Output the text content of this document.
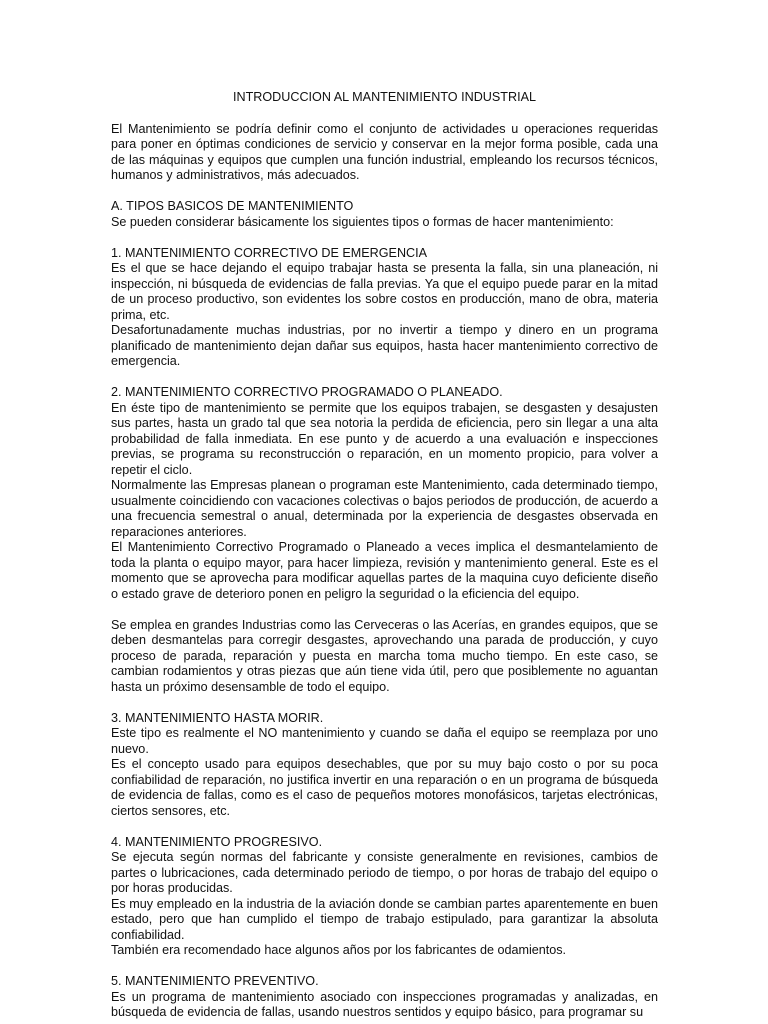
INTRODUCCION AL MANTENIMIENTO INDUSTRIAL

El Mantenimiento se podría definir como el conjunto de actividades u operaciones requeridas para poner en óptimas condiciones de servicio y conservar en la mejor forma posible, cada una de las máquinas y equipos que cumplen una función industrial, empleando los recursos técnicos, humanos y administrativos, más adecuados.

A. TIPOS BASICOS DE MANTENIMIENTO

Se pueden considerar básicamente los siguientes tipos o formas de hacer mantenimiento:

1. MANTENIMIENTO CORRECTIVO DE EMERGENCIA

Es el que se hace dejando el equipo trabajar hasta se presenta la falla, sin una planeación, ni inspección, ni búsqueda de evidencias de falla previas. Ya que el equipo puede parar en la mitad de un proceso productivo, son evidentes los sobre costos en producción, mano de obra, materia prima, etc.

Desafortunadamente muchas industrias, por no invertir a tiempo y dinero en un programa planificado de mantenimiento dejan dañar sus equipos, hasta hacer mantenimiento correctivo de emergencia.

2. MANTENIMIENTO CORRECTIVO PROGRAMADO O PLANEADO.

En éste tipo de mantenimiento se permite que los equipos trabajen, se desgasten y desajusten sus partes, hasta un grado tal que sea notoria la perdida de eficiencia, pero sin llegar a una alta probabilidad de falla inmediata. En ese punto y de acuerdo a una evaluación e inspecciones previas, se programa su reconstrucción o reparación, en un momento propicio, para volver a repetir el ciclo.

Normalmente las Empresas planean o programan este Mantenimiento, cada determinado tiempo, usualmente coincidiendo con vacaciones colectivas o bajos periodos de producción, de acuerdo a una frecuencia semestral o anual, determinada por la experiencia de desgastes observada en reparaciones anteriores.

El Mantenimiento Correctivo Programado o Planeado a veces implica el desmantelamiento de toda la planta o equipo mayor, para hacer limpieza, revisión y mantenimiento general. Este es el momento que se aprovecha para modificar aquellas partes de la maquina cuyo deficiente diseño o estado grave de deterioro ponen en peligro la seguridad o la eficiencia del equipo.

Se emplea en grandes Industrias como las Cerveceras o las Acerías, en grandes equipos, que se deben desmantelas para corregir desgastes, aprovechando una parada de producción, y cuyo proceso de parada, reparación y puesta en marcha toma mucho tiempo. En este caso, se cambian rodamientos y otras piezas que aún tiene vida útil, pero que posiblemente no aguantan hasta un próximo desensamble de todo el equipo.

3. MANTENIMIENTO HASTA MORIR.

Este tipo es realmente el NO mantenimiento y cuando se daña el equipo se reemplaza por uno nuevo.

Es el concepto usado para equipos desechables, que por su muy bajo costo o por su poca confiabilidad de reparación, no justifica invertir en una reparación o en un programa de búsqueda de evidencia de fallas, como es el caso de pequeños motores monofásicos, tarjetas electrónicas, ciertos sensores, etc.

4. MANTENIMIENTO PROGRESIVO.

Se ejecuta según normas del fabricante y consiste generalmente en revisiones, cambios de partes o lubricaciones, cada determinado periodo de tiempo, o por horas de trabajo del equipo o por horas producidas.

Es muy empleado en la industria de la aviación donde se cambian partes aparentemente en buen estado, pero que han cumplido el tiempo de trabajo estipulado, para garantizar la absoluta confiabilidad.

También era recomendado hace algunos años por los fabricantes de odamientos.

5. MANTENIMIENTO PREVENTIVO.

Es un programa de mantenimiento asociado con inspecciones programadas y analizadas, en búsqueda de evidencia de fallas, usando nuestros sentidos y equipo básico, para programar su
